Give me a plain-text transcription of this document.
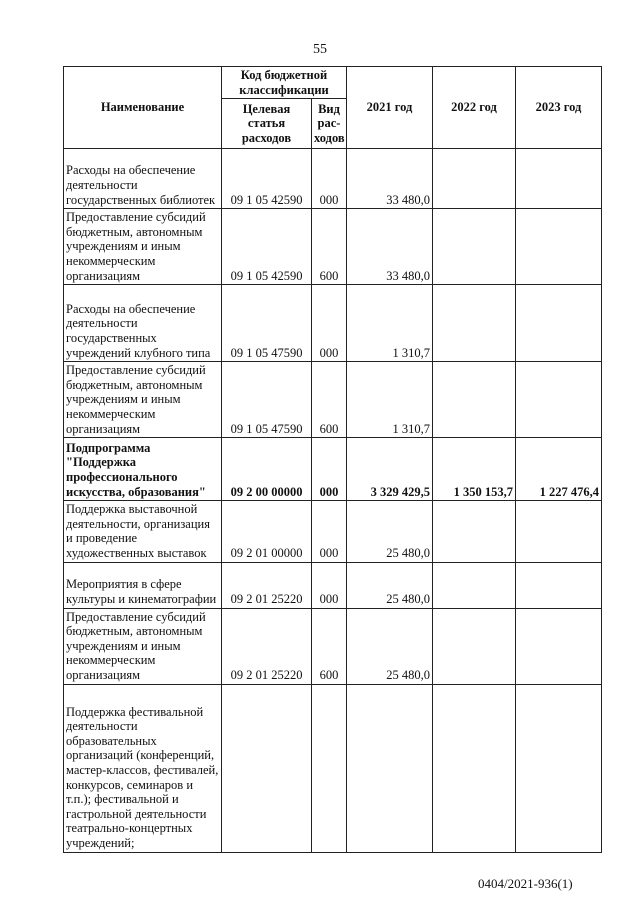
55
Наименование	Код бюджетной классификации		2021 год	2022 год	2023 год
	Целевая статья расходов	Вид рас- ходов			
Расходы на обеспечение деятельности государственных библиотек	09 1 05 42590	000	33 480,0		
Предоставление субсидий бюджетным, автономным учреждениям и иным некоммерческим организациям	09 1 05 42590	600	33 480,0		
Расходы на обеспечение деятельности государственных учреждений клубного типа	09 1 05 47590	000	1 310,7		
Предоставление субсидий бюджетным, автономным учреждениям и иным некоммерческим организациям	09 1 05 47590	600	1 310,7		
Подпрограмма "Поддержка профессионального искусства, образования"	09 2 00 00000	000	3 329 429,5	1 350 153,7	1 227 476,4
Поддержка выставочной деятельности, организация и проведение художественных выставок	09 2 01 00000	000	25 480,0		
Мероприятия в сфере культуры и кинематографии	09 2 01 25220	000	25 480,0		
Предоставление субсидий бюджетным, автономным учреждениям и иным некоммерческим организациям	09 2 01 25220	600	25 480,0		
Поддержка фестивальной деятельности образовательных организаций (конференций, мастер-классов, фестивалей, конкурсов, семинаров и т.п.); фестивальной и гастрольной деятельности театрально-концертных учреждений;					
0404/2021-936(1)
